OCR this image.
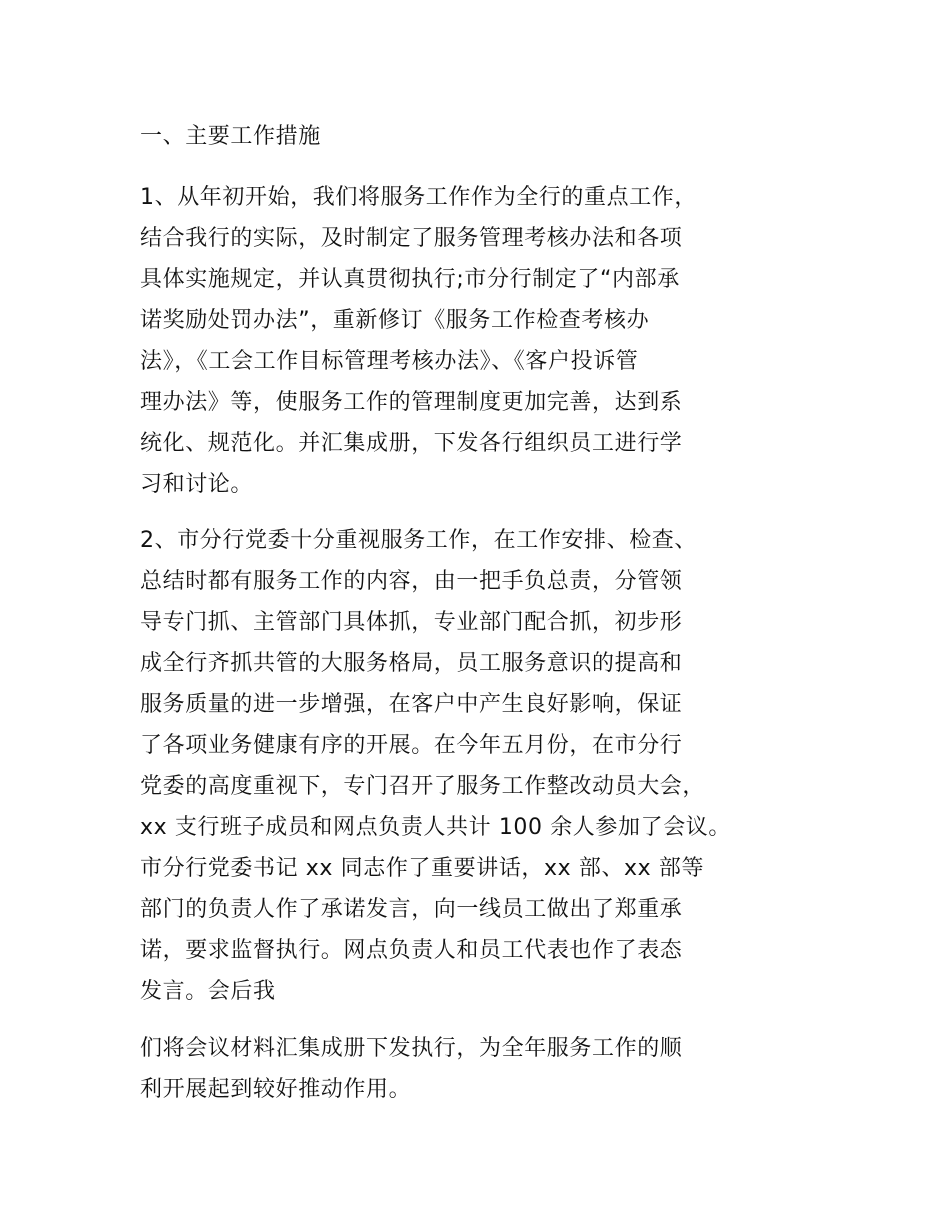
一、主要工作措施
1、从年初开始，我们将服务工作作为全行的重点工作，
结合我行的实际，及时制定了服务管理考核办法和各项
具体实施规定，并认真贯彻执行;市分行制定了“内部承
诺奖励处罚办法”，重新修订《服务工作检查考核办
法》，《工会工作目标管理考核办法》、《客户投诉管
理办法》等，使服务工作的管理制度更加完善，达到系
统化、规范化。并汇集成册，下发各行组织员工进行学
习和讨论。
2、市分行党委十分重视服务工作，在工作安排、检查、
总结时都有服务工作的内容，由一把手负总责，分管领
导专门抓、主管部门具体抓，专业部门配合抓，初步形
成全行齐抓共管的大服务格局，员工服务意识的提高和
服务质量的进一步增强，在客户中产生良好影响，保证
了各项业务健康有序的开展。在今年五月份，在市分行
党委的高度重视下，专门召开了服务工作整改动员大会，
xx 支行班子成员和网点负责人共计 100 余人参加了会议。
市分行党委书记 xx 同志作了重要讲话，xx 部、xx 部等
部门的负责人作了承诺发言，向一线员工做出了郑重承
诺，要求监督执行。网点负责人和员工代表也作了表态
发言。会后我
们将会议材料汇集成册下发执行，为全年服务工作的顺
利开展起到较好推动作用。
